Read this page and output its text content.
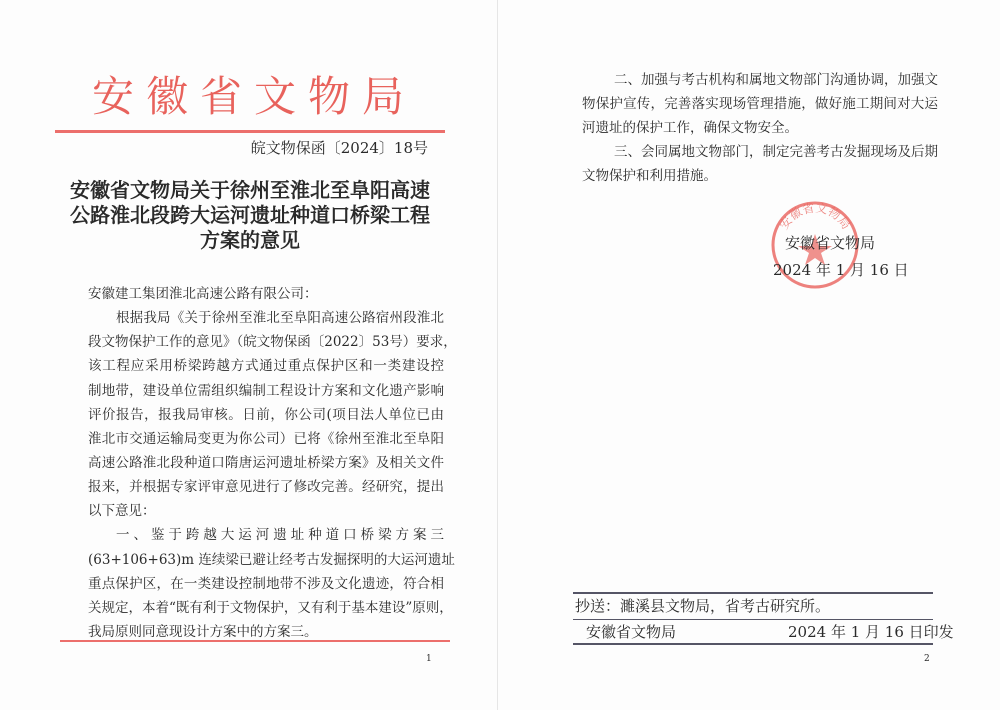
二、加强与考古机构和属地文物部门沟通协调，加强文
物保护宣传，完善落实现场管理措施，做好施工期间对大运
河遗址的保护工作，确保文物安全。
三、会同属地文物部门，制定完善考古发掘现场及后期
文物保护和利用措施。
安徽省文物局
皖文物保函〔2024〕18号
安徽省文物局关于徐州至淮北至阜阳高速
公路淮北段跨大运河遗址种道口桥梁工程
方案的意见
安徽建工集团淮北高速公路有限公司：
根据我局《关于徐州至淮北至阜阳高速公路宿州段淮北
段文物保护工作的意见》（皖文物保函〔2022〕53号）要求，
该工程应采用桥梁跨越方式通过重点保护区和一类建设控
制地带，建设单位需组织编制工程设计方案和文化遗产影响
评价报告，报我局审核。日前，你公司(项目法人单位已由
淮北市交通运输局变更为你公司）已将《徐州至淮北至阜阳
高速公路淮北段种道口隋唐运河遗址桥梁方案》及相关文件
报来，并根据专家评审意见进行了修改完善。经研究，提出
以下意见：
一、鉴于跨越大运河遗址种道口桥梁方案三
(63+106+63)m 连续梁已避让经考古发掘探明的大运河遗址
重点保护区，在一类建设控制地带不涉及文化遗迹，符合相
关规定，本着“既有利于文物保护，又有利于基本建设”原则，
我局原则同意现设计方案中的方案三。
1
安徽省文物局
安徽省文物局
2024 年 1 月 16 日
抄送：濉溪县文物局，省考古研究所。
安徽省文物局	2024 年 1 月 16 日印发
2
